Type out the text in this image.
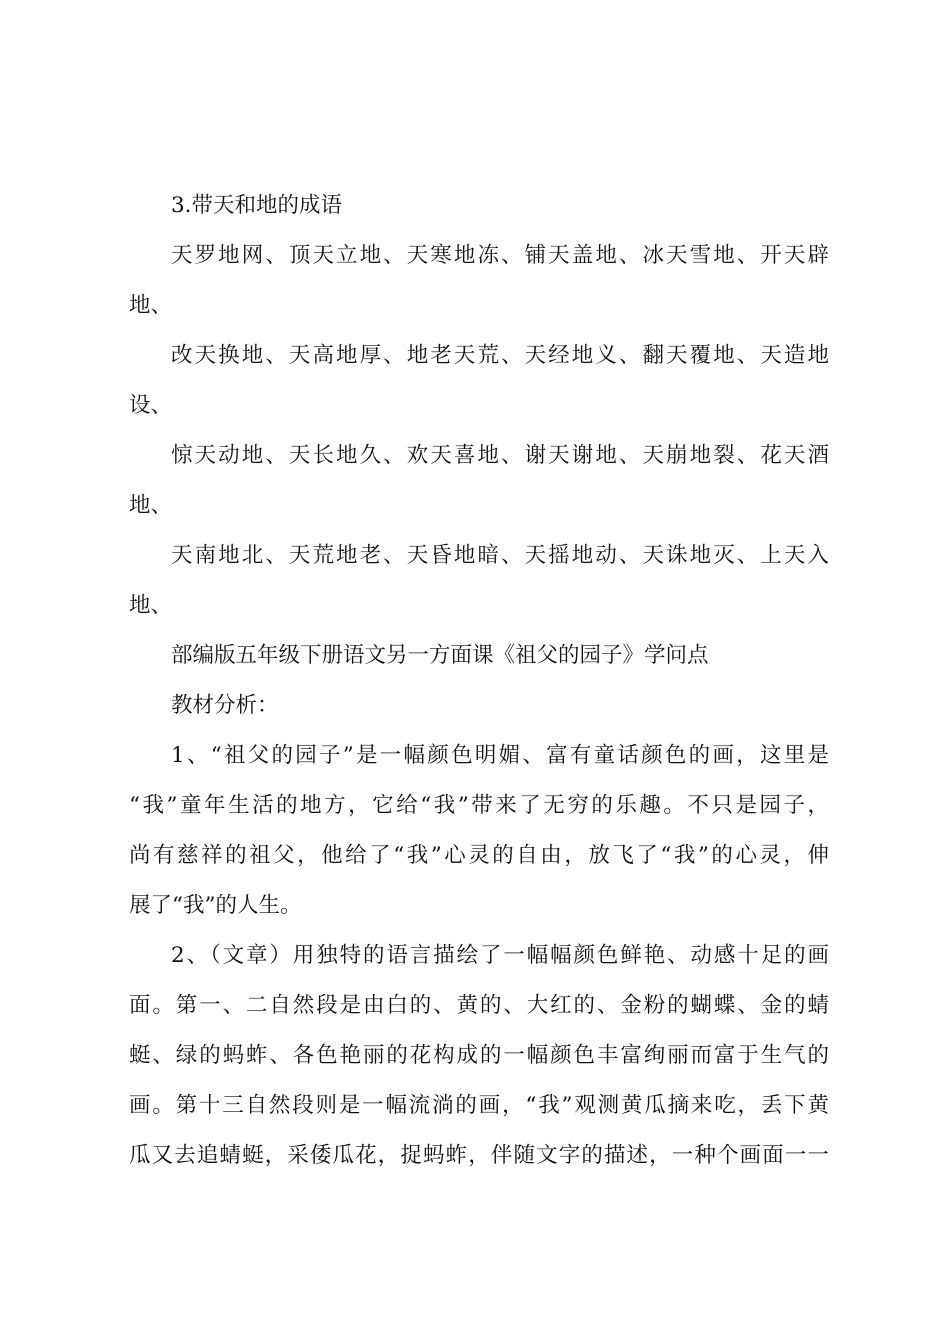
3.带天和地的成语
天罗地网、顶天立地、天寒地冻、铺天盖地、冰天雪地、开天辟
地、
改天换地、天高地厚、地老天荒、天经地义、翻天覆地、天造地
设、
惊天动地、天长地久、欢天喜地、谢天谢地、天崩地裂、花天酒
地、
天南地北、天荒地老、天昏地暗、天摇地动、天诛地灭、上天入
地、
部编版五年级下册语文另一方面课《祖父的园子》学问点
教材分析：
1、“祖父的园子”是一幅颜色明媚、富有童话颜色的画，这里是
“我”童年生活的地方，它给“我”带来了无穷的乐趣。不只是园子，
尚有慈祥的祖父，他给了“我”心灵的自由，放飞了“我”的心灵，伸
展了“我”的人生。
2、（文章）用独特的语言描绘了一幅幅颜色鲜艳、动感十足的画
面。第一、二自然段是由白的、黄的、大红的、金粉的蝴蝶、金的蜻
蜓、绿的蚂蚱、各色艳丽的花构成的一幅颜色丰富绚丽而富于生气的
画。第十三自然段则是一幅流淌的画，“我”观测黄瓜摘来吃，丢下黄
瓜又去追蜻蜓，采倭瓜花，捉蚂蚱，伴随文字的描述，一种个画面一一
